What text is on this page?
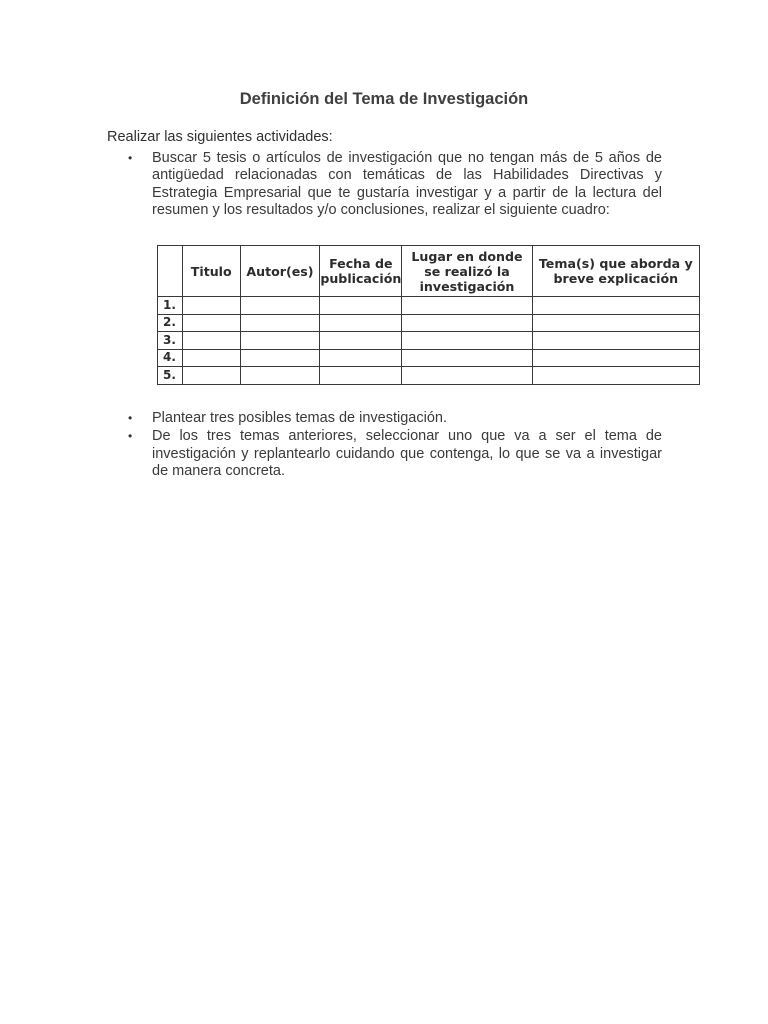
Definición del Tema de Investigación
Realizar las siguientes actividades:
• Buscar 5 tesis o artículos de investigación que no tengan más de 5 años de antigüedad relacionadas con temáticas de las Habilidades Directivas y Estrategia Empresarial que te gustaría investigar y a partir de la lectura del resumen y los resultados y/o conclusiones, realizar el siguiente cuadro:
	Titulo	Autor(es)	Fecha de publicación	Lugar en donde se realizó la investigación	Tema(s) que aborda y breve explicación
1.					
2.					
3.					
4.					
5.					
• Plantear tres posibles temas de investigación.
• De los tres temas anteriores, seleccionar uno que va a ser el tema de investigación y replantearlo cuidando que contenga, lo que se va a investigar de manera concreta.
